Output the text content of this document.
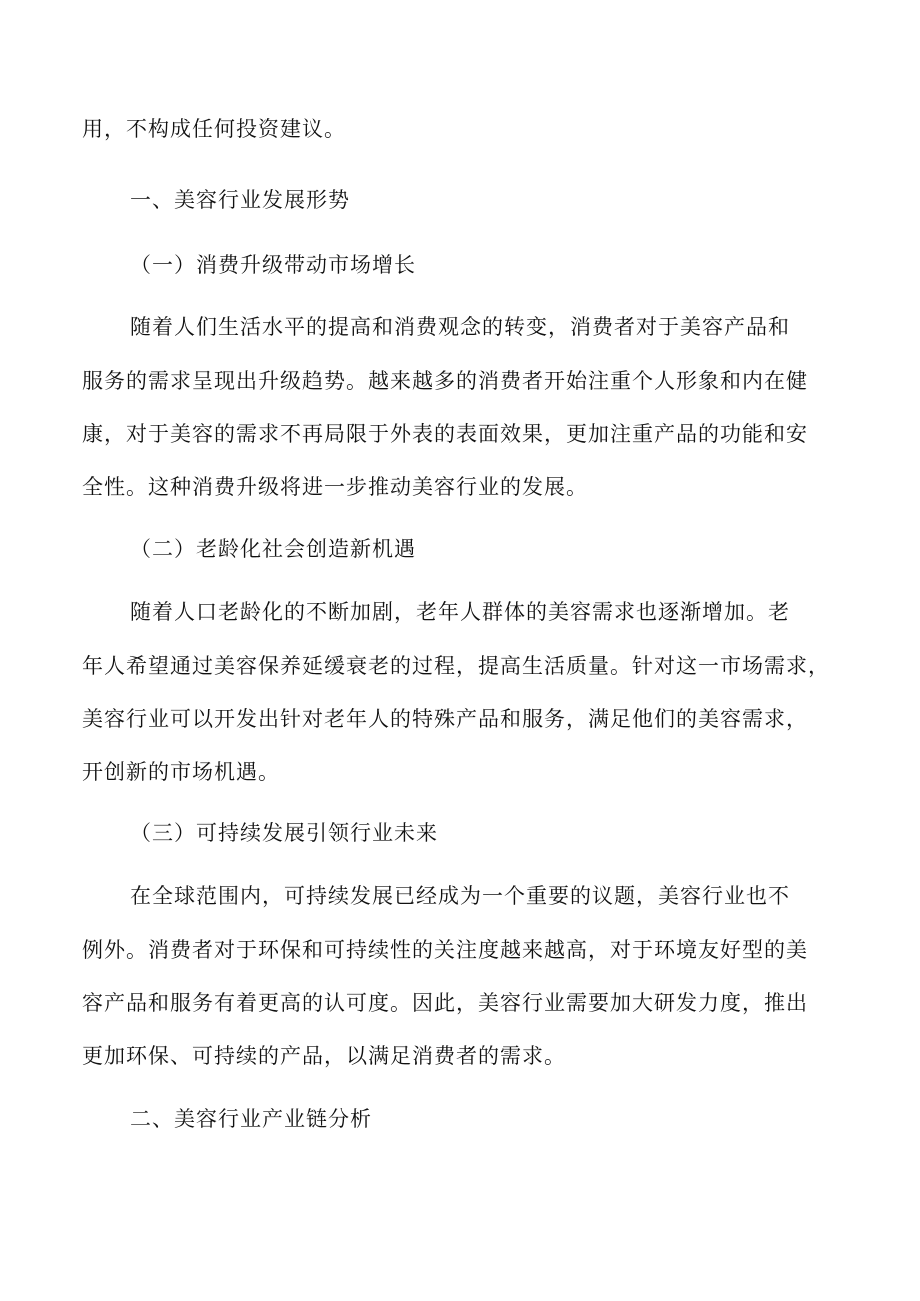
用，不构成任何投资建议。
一、美容行业发展形势
（一）消费升级带动市场增长
随着人们生活水平的提高和消费观念的转变，消费者对于美容产品和
服务的需求呈现出升级趋势。越来越多的消费者开始注重个人形象和内在健
康，对于美容的需求不再局限于外表的表面效果，更加注重产品的功能和安
全性。这种消费升级将进一步推动美容行业的发展。
（二）老龄化社会创造新机遇
随着人口老龄化的不断加剧，老年人群体的美容需求也逐渐增加。老
年人希望通过美容保养延缓衰老的过程，提高生活质量。针对这一市场需求，
美容行业可以开发出针对老年人的特殊产品和服务，满足他们的美容需求，
开创新的市场机遇。
（三）可持续发展引领行业未来
在全球范围内，可持续发展已经成为一个重要的议题，美容行业也不
例外。消费者对于环保和可持续性的关注度越来越高，对于环境友好型的美
容产品和服务有着更高的认可度。因此，美容行业需要加大研发力度，推出
更加环保、可持续的产品，以满足消费者的需求。
二、美容行业产业链分析
